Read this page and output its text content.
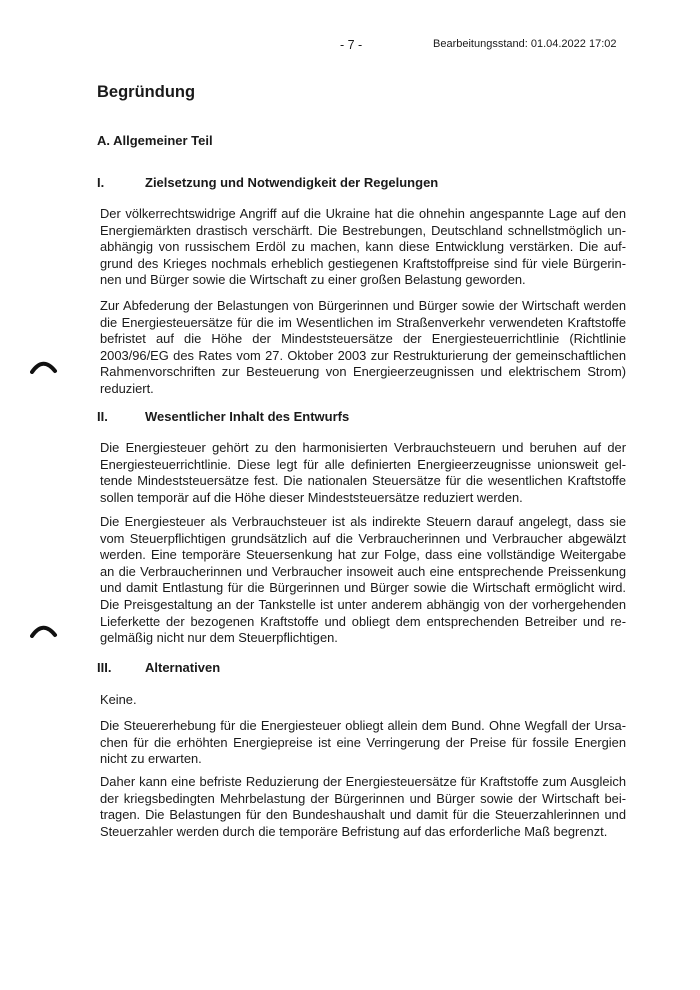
- 7 -	Bearbeitungsstand: 01.04.2022 17:02
Begründung
A. Allgemeiner Teil
I.	Zielsetzung und Notwendigkeit der Regelungen

Der völkerrechtswidrige Angriff auf die Ukraine hat die ohnehin angespannte Lage auf den Energiemärkten drastisch verschärft. Die Bestrebungen, Deutschland schnellstmöglich unabhängig von russischem Erdöl zu machen, kann diese Entwicklung verstärken. Die aufgrund des Krieges nochmals erheblich gestiegenen Kraftstoffpreise sind für viele Bürgerinnen und Bürger sowie die Wirtschaft zu einer großen Belastung geworden.

Zur Abfederung der Belastungen von Bürgerinnen und Bürger sowie der Wirtschaft werden die Energiesteuersätze für die im Wesentlichen im Straßenverkehr verwendeten Kraftstoffe befristet auf die Höhe der Mindeststeuersätze der Energiesteuerrichtlinie (Richtlinie 2003/96/EG des Rates vom 27. Oktober 2003 zur Restrukturierung der gemeinschaftlichen Rahmenvorschriften zur Besteuerung von Energieerzeugnissen und elektrischem Strom) reduziert.

II.	Wesentlicher Inhalt des Entwurfs

Die Energiesteuer gehört zu den harmonisierten Verbrauchsteuern und beruhen auf der Energiesteuerrichtlinie. Diese legt für alle definierten Energieerzeugnisse unionsweit geltende Mindeststeuersätze fest. Die nationalen Steuersätze für die wesentlichen Kraftstoffe sollen temporär auf die Höhe dieser Mindeststeuersätze reduziert werden.

Die Energiesteuer als Verbrauchsteuer ist als indirekte Steuern darauf angelegt, dass sie vom Steuerpflichtigen grundsätzlich auf die Verbraucherinnen und Verbraucher abgewälzt werden. Eine temporäre Steuersenkung hat zur Folge, dass eine vollständige Weitergabe an die Verbraucherinnen und Verbraucher insoweit auch eine entsprechende Preissenkung und damit Entlastung für die Bürgerinnen und Bürger sowie die Wirtschaft ermöglicht wird. Die Preisgestaltung an der Tankstelle ist unter anderem abhängig von der vorhergehenden Lieferkette der bezogenen Kraftstoffe und obliegt dem entsprechenden Betreiber und regelmäßig nicht nur dem Steuerpflichtigen.

III.	Alternativen

Keine.

Die Steuererhebung für die Energiesteuer obliegt allein dem Bund. Ohne Wegfall der Ursachen für die erhöhten Energiepreise ist eine Verringerung der Preise für fossile Energien nicht zu erwarten.

Daher kann eine befriste Reduzierung der Energiesteuersätze für Kraftstoffe zum Ausgleich der kriegsbedingten Mehrbelastung der Bürgerinnen und Bürger sowie der Wirtschaft beitragen. Die Belastungen für den Bundeshaushalt und damit für die Steuerzahlerinnen und Steuerzahler werden durch die temporäre Befristung auf das erforderliche Maß begrenzt.
